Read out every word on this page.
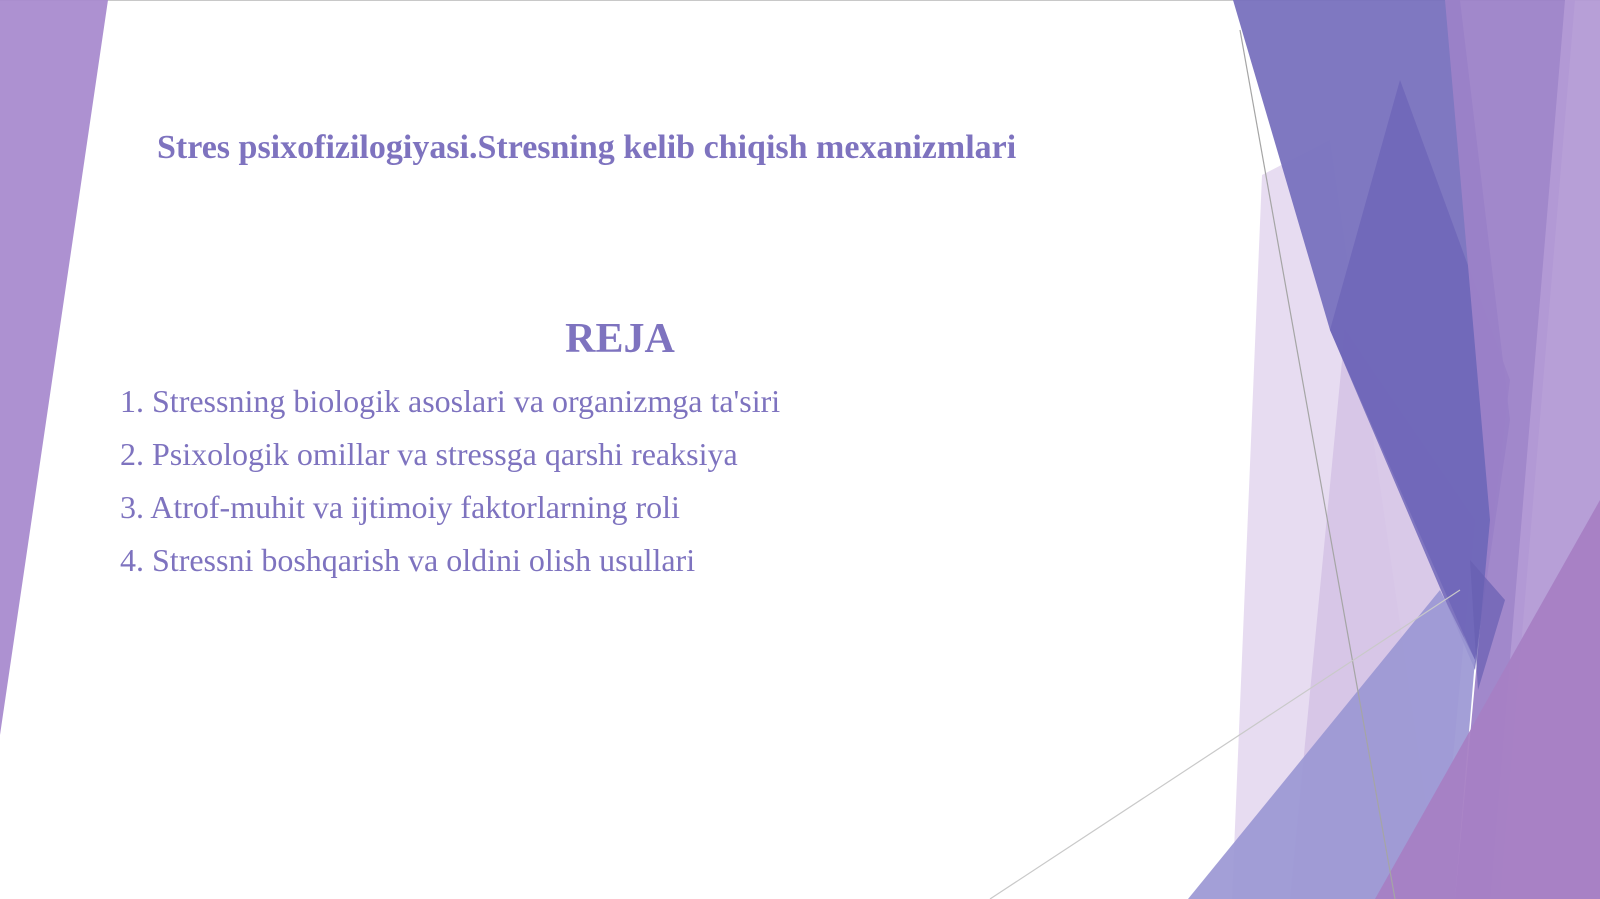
Stres psixofizilogiyasi.Stresning kelib chiqish mexanizmlari
REJA
1. Stressning biologik asoslari va organizmga ta'siri
2. Psixologik omillar va stressga qarshi reaksiya
3. Atrof-muhit va ijtimoiy faktorlarning roli
4. Stressni boshqarish va oldini olish usullari
